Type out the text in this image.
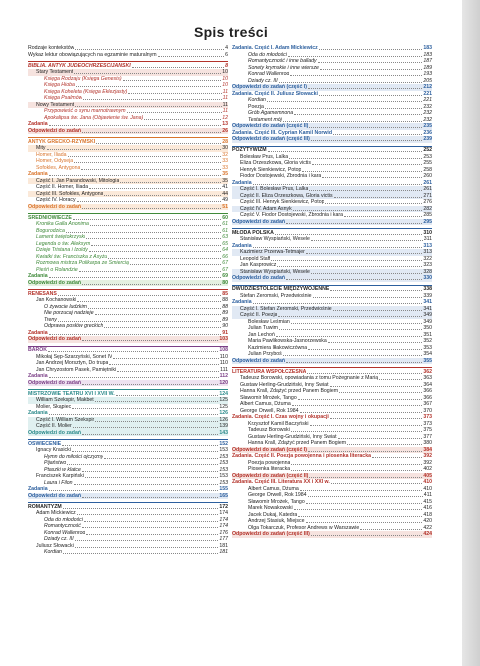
Spis treści
Rodzaje kontekstów	4
Wykaz lektur obowiązujących na egzaminie maturalnym	6
BIBLIA. ANTYK JUDEOCHRZEŚCIJAŃSKI	8
Stary Testament	10
Księga Rodzaju (Księga Genesis)	10
Księga Hioba	10
Księga Koheleta (Księga Eklezjasty)	11
Księga Psalmów	11
Nowy Testament	11
Przypowieść o synu marnotrawnym	11
Apokalipsa św. Jana (Objawienie św. Jana)	12
Zadania	13
Odpowiedzi do zadań	26
ANTYK GRECKO-RZYMSKI	28
Mity	30
Homer, Iliada	32
Homer, Odyseja	33
Sofokles, Antygona	33
Zadania	35
Część I. Jan Parandowski, Mitologia	35
Część II. Homer, Iliada	41
Część III. Sofokles, Antygona	44
Część IV. Horacy	49
Odpowiedzi do zadań	51
ŚREDNIOWIECZE	60
Kronika Galla Anonima	61
Bogurodzica	61
Lament świętokrzyski	63
Legenda o św. Aleksym	65
Dzieje Tristana i Izoldy	64
Kwiatki św. Franciszka z Asyżu	66
Rozmowa mistrza Polikarpa ze Śmiercią	67
Pieśń o Rolandzie	67
Zadania	69
Odpowiedzi do zadań	80
RENESANS	85
Jan Kochanowski	88
O żywocie ludzkim	88
Nie porzucaj nadzieje	89
Treny	89
Odprawa posłów greckich	90
Zadania	91
Odpowiedzi do zadań	103
BAROK	108
Mikołaj Sęp-Szarzyński, Sonet IV	110
Jan Andrzej Morsztyn, Do trupa	110
Jan Chryzostom Pasek, Pamiętniki	111
Zadania	112
Odpowiedzi do zadań	120
MISTRZOWIE TEATRU XVI I XVII W.	124
William Szekspir, Makbet	125
Molier, Skąpiec	125
Zadania	126
Część I. William Szekspir	126
Część II. Molier	139
Odpowiedzi do zadań	143
OŚWIECENIE	152
Ignacy Krasicki	153
Hymn do miłości ojczyzny	153
Pijaństwo	153
Ptaszki w klatce	153
Franciszek Karpiński	153
Laura i Filon	153
Zadania	155
Odpowiedzi do zadań	165
ROMANTYZM	172
Adam Mickiewicz	174
Oda do młodości	174
Romantyczność	174
Konrad Wallenrod	176
Dziady cz. III	177
Juliusz Słowacki	181
Kordian	181
Zadania. Część I. Adam Mickiewicz	183
Oda do młodości	183
Romantyczność i inne ballady	187
Sonety krymskie i inne wiersze	189
Konrad Wallenrod	193
Dziady cz. III	205
Odpowiedzi do zadań (część I)	212
Zadania. Część II. Juliusz Słowacki	221
Kordian	221
Poezja	232
Grób Agamemnona	232
Testament mój	232
Odpowiedzi do zadań (część II)	235
Zadania. Część III. Cyprian Kamil Norwid	236
Odpowiedzi do zadań (część III)	239
POZYTYWIZM	252
Bolesław Prus, Lalka	253
Eliza Orzeszkowa, Gloria victis	255
Henryk Sienkiewicz, Potop	258
Fiodor Dostojewski, Zbrodnia i kara	260
Zadania	261
Część I. Bolesław Prus, Lalka	261
Część II. Eliza Orzeszkowa, Gloria victis	271
Część III. Henryk Sienkiewicz, Potop	276
Część IV. Adam Asnyk	282
Część V. Fiodor Dostojewski, Zbrodnia i kara	285
Odpowiedzi do zadań	295
MŁODA POLSKA	310
Stanisław Wyspiański, Wesele	311
Zadania	313
Kazimierz Przerwa-Tetmajer	313
Leopold Staff	322
Jan Kasprowicz	323
Stanisław Wyspiański, Wesele	328
Odpowiedzi do zadań	330
DWUDZIESTOLECIE MIĘDZYWOJENNE	338
Stefan Żeromski, Przedwiośnie	339
Zadania	341
Część I. Stefan Żeromski, Przedwiośnie	341
Część II. Poezja	349
Bolesław Leśmian	349
Julian Tuwim	350
Jan Lechoń	351
Maria Pawlikowska-Jasnorzewska	352
Kazimiera Iłłakowiczówna	353
Julian Przyboś	354
Odpowiedzi do zadań	355
LITERATURA WSPÓŁCZESNA	362
Tadeusz Borowski, opowiadania z tomu Pożegnanie z Marią	363
Gustaw Herling-Grudziński, Inny Świat	364
Hanna Krall, Zdążyć przed Panem Bogiem	366
Sławomir Mrożek, Tango	366
Albert Camus, Dżuma	367
George Orwell, Rok 1984	370
Zadania. Część I. Czas wojny i okupacji	373
Krzysztof Kamil Baczyński	373
Tadeusz Borowski	375
Gustaw Herling-Grudziński, Inny Świat	377
Hanna Krall, Zdążyć przed Panem Bogiem	380
Odpowiedzi do zadań (część I)	384
Zadania. Część II. Poezja powojenna i piosenka literacka	392
Poezja powojenna	392
Piosenka literacka	402
Odpowiedzi do zadań (część II)	405
Zadania. Część III. Literatura XX i XXI w.	410
Albert Camus, Dżuma	410
George Orwell, Rok 1984	411
Sławomir Mrożek, Tango	415
Marek Nowakowski	416
Jacek Dukaj, Katedra	418
Andrzej Stasiuk, Miejsce	420
Olga Tokarczuk, Profesor Andrews w Warszawie	422
Odpowiedzi do zadań (część III)	424
